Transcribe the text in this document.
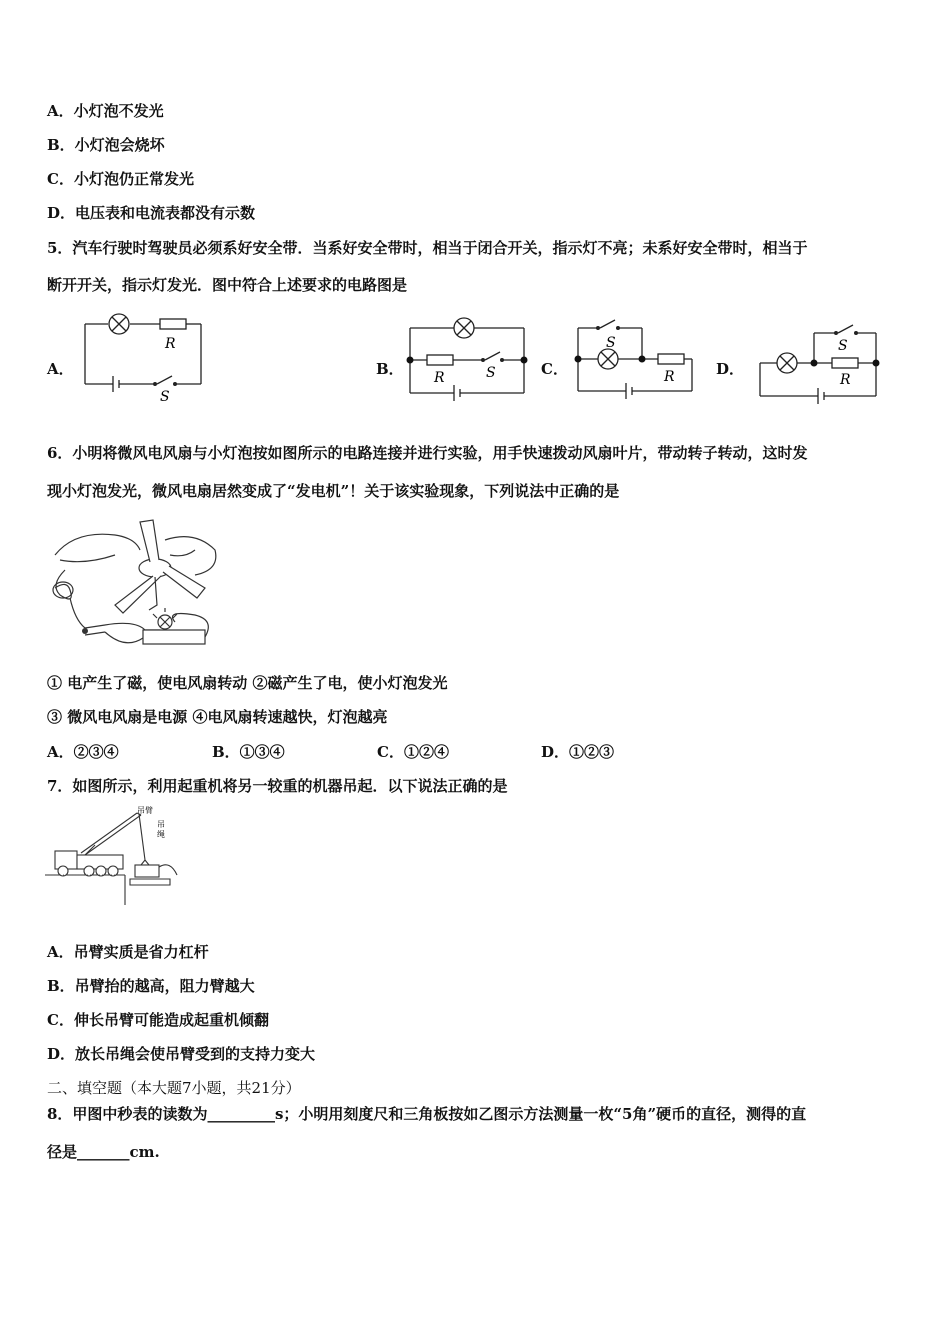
A．小灯泡不发光
B．小灯泡会烧坏
C．小灯泡仍正常发光
D．电压表和电流表都没有示数
5．汽车行驶时驾驶员必须系好安全带．当系好安全带时，相当于闭合开关，指示灯不亮；未系好安全带时，相当于
断开开关，指示灯发光．图中符合上述要求的电路图是
A．
R
S
B． R	S	C．
S
R	D．
S
R
6．小明将微风电风扇与小灯泡按如图所示的电路连接并进行实验，用手快速拨动风扇叶片，带动转子转动，这时发
现小灯泡发光，微风电扇居然变成了“发电机”！关于该实验现象，下列说法中正确的是
① 电产生了磁，使电风扇转动 ②磁产生了电，使小灯泡发光
③ 微风电风扇是电源 ④电风扇转速越快，灯泡越亮
A．②③④	B．①③④	C．①②④	D．①②③
7．如图所示，利用起重机将另一较重的机器吊起．以下说法正确的是
吊臂
吊
绳
A．吊臂实质是省力杠杆
B．吊臂抬的越高，阻力臂越大
C．伸长吊臂可能造成起重机倾翻
D．放长吊绳会使吊臂受到的支持力变大
二、填空题（本大题7小题，共21分）
8．甲图中秒表的读数为_________s；小明用刻度尺和三角板按如乙图示方法测量一枚“5角”硬币的直径，测得的直
径是_______cm.
